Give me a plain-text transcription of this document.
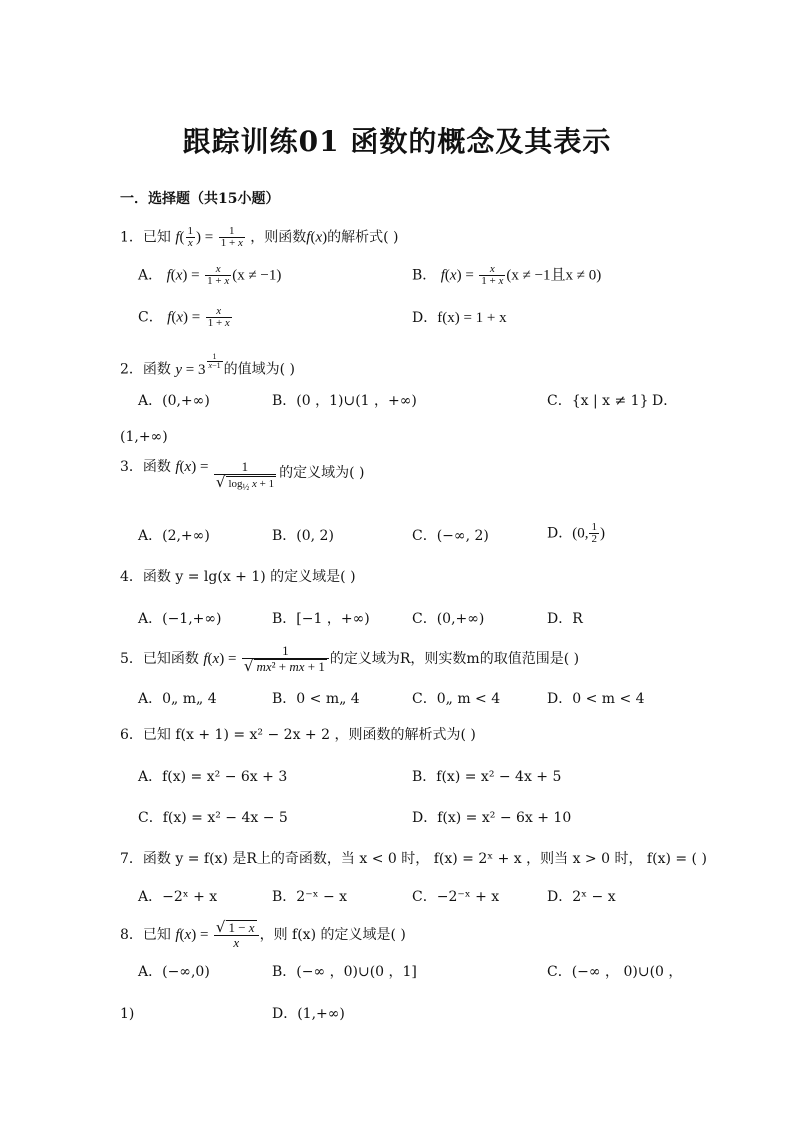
跟踪训练01 函数的概念及其表示
一．选择题（共15小题）
1．已知 $f( \frac{1}{x}$ ) = $\frac{1}{1 + x}$ ，则函数f(x)的解析式( )
A． $f(x) = \frac{x}{1 + x} (x \ne -1)$	B． $f(x) = \frac{x}{1 + x} (x \ne -1$且x ≠ 0)
C． $f(x) = \frac{x}{1 + x}$	D．f(x) = 1 + x
2．函数 y = 3 $^{\frac{1}{x-1}}$ 的值域为( )
A．(0,+∞)	B．(0 ，1)∪(1 ，+∞)	C．{x | x ≠ 1} D．
(1,+∞)
3．函数 $f(x) = \frac{1}{√ \log_{\frac{1}{2}} x + 1}$ 的定义域为( )
A．(2,+∞)	B．(0, 2)	C．(−∞, 2)	D．(0, $\frac{1}{2}$ )
4．函数 y = lg(x + 1) 的定义域是( )
A．(−1,+∞)	B．[−1 ，+∞)	C．(0,+∞)	D．R
5．已知函数 $f(x) = \frac{1}{\text{√ mx² + mx + 1}}$ 的定义域为R，则实数m的取值范围是( )
A．0„ m„ 4	B．0 < m„ 4	C．0„ m < 4	D．0 < m < 4
6．已知 f(x + 1) = x² − 2x + 2 ，则函数的解析式为( )
A．f(x) = x² − 6x + 3	B．f(x) = x² − 4x + 5
C．f(x) = x² − 4x − 5	D．f(x) = x² − 6x + 10
7．函数 y = f(x) 是R上的奇函数，当 x < 0 时， f(x) = 2ˣ + x ，则当 x > 0 时， f(x) = ( )
A．−2ˣ + x	B．2⁻ˣ − x	C．−2⁻ˣ + x	D．2ˣ − x
8．已知 $f(x) = \frac{√ 1 - x}{x}$ ，则 f(x) 的定义域是( )
A．(−∞,0)	B．(−∞ ，0)∪(0 ，1]	C．(−∞ ， 0)∪(0 ，
1)	D．(1,+∞)
